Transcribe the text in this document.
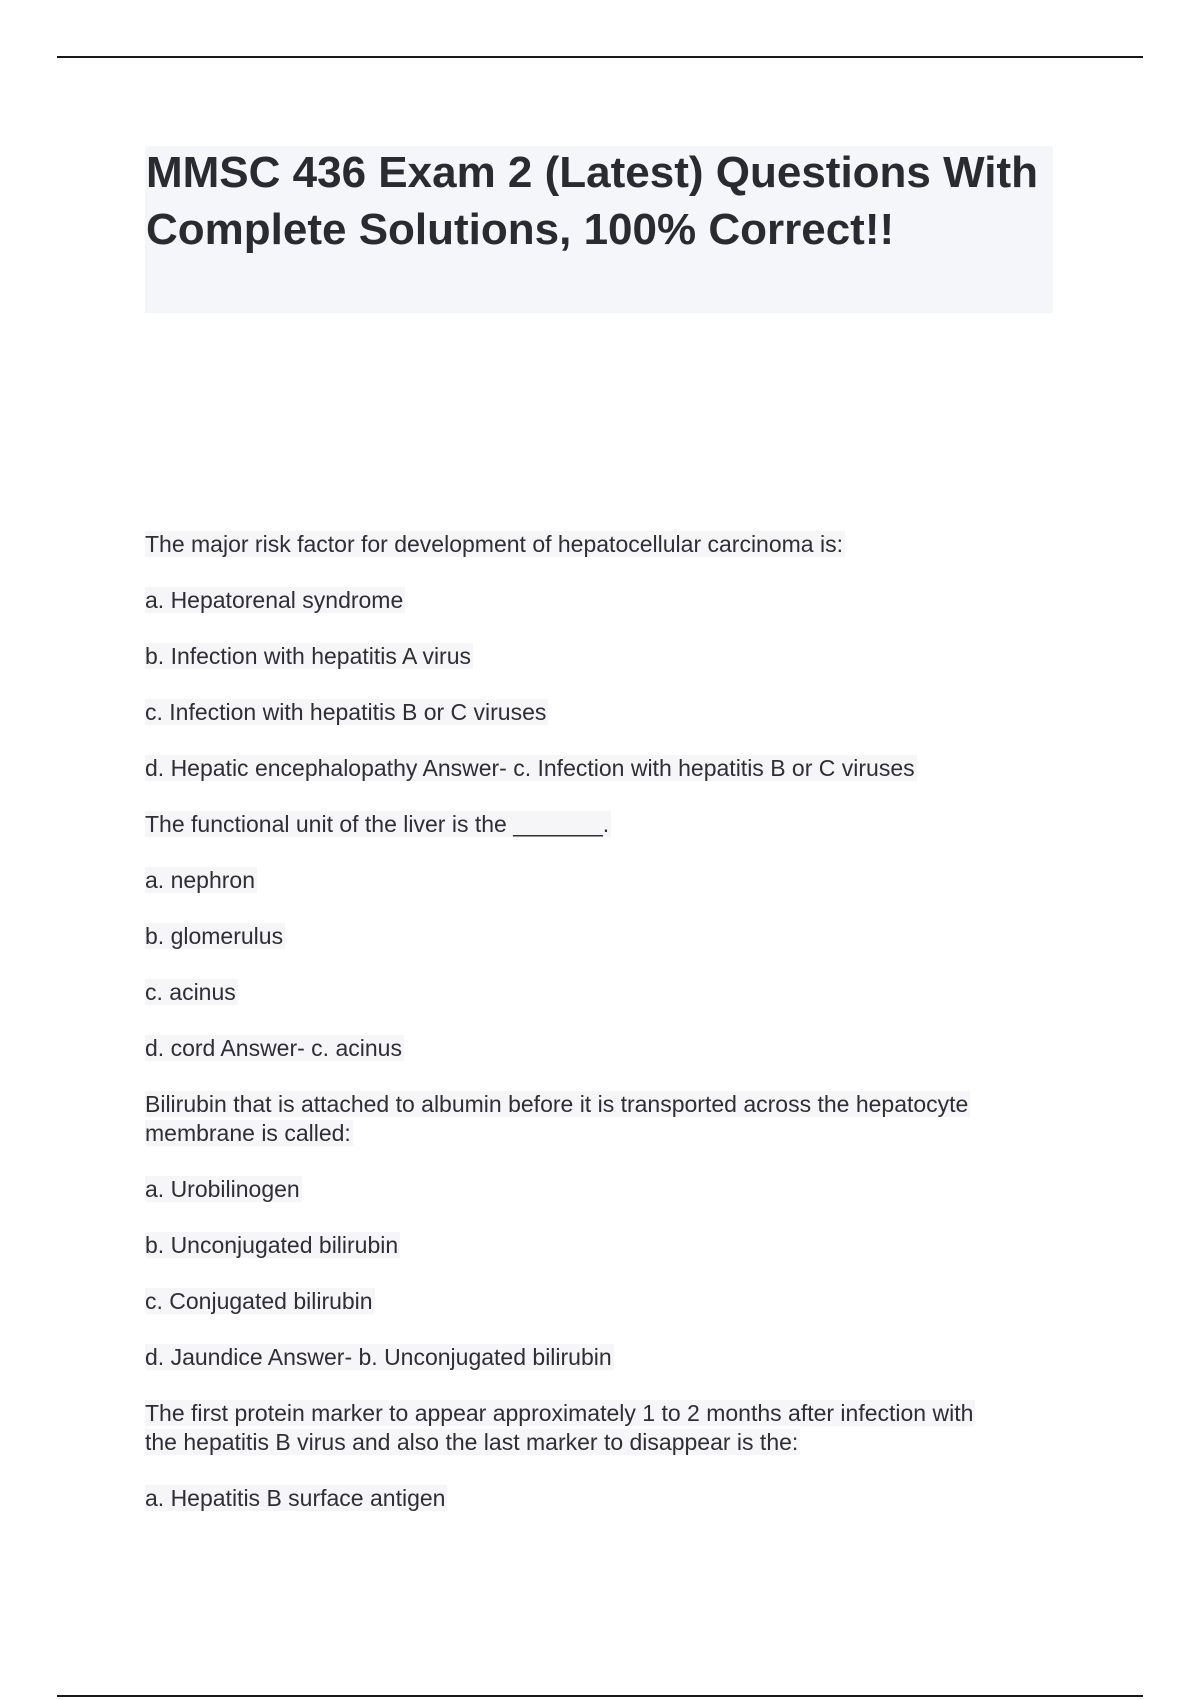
MMSC 436 Exam 2 (Latest) Questions With Complete Solutions, 100% Correct!!

The major risk factor for development of hepatocellular carcinoma is:

a. Hepatorenal syndrome

b. Infection with hepatitis A virus

c. Infection with hepatitis B or C viruses

d. Hepatic encephalopathy Answer- c. Infection with hepatitis B or C viruses

The functional unit of the liver is the _______.

a. nephron

b. glomerulus

c. acinus

d. cord Answer- c. acinus

Bilirubin that is attached to albumin before it is transported across the hepatocyte

membrane is called:

a. Urobilinogen

b. Unconjugated bilirubin

c. Conjugated bilirubin

d. Jaundice Answer- b. Unconjugated bilirubin

The first protein marker to appear approximately 1 to 2 months after infection with

the hepatitis B virus and also the last marker to disappear is the:

a. Hepatitis B surface antigen
